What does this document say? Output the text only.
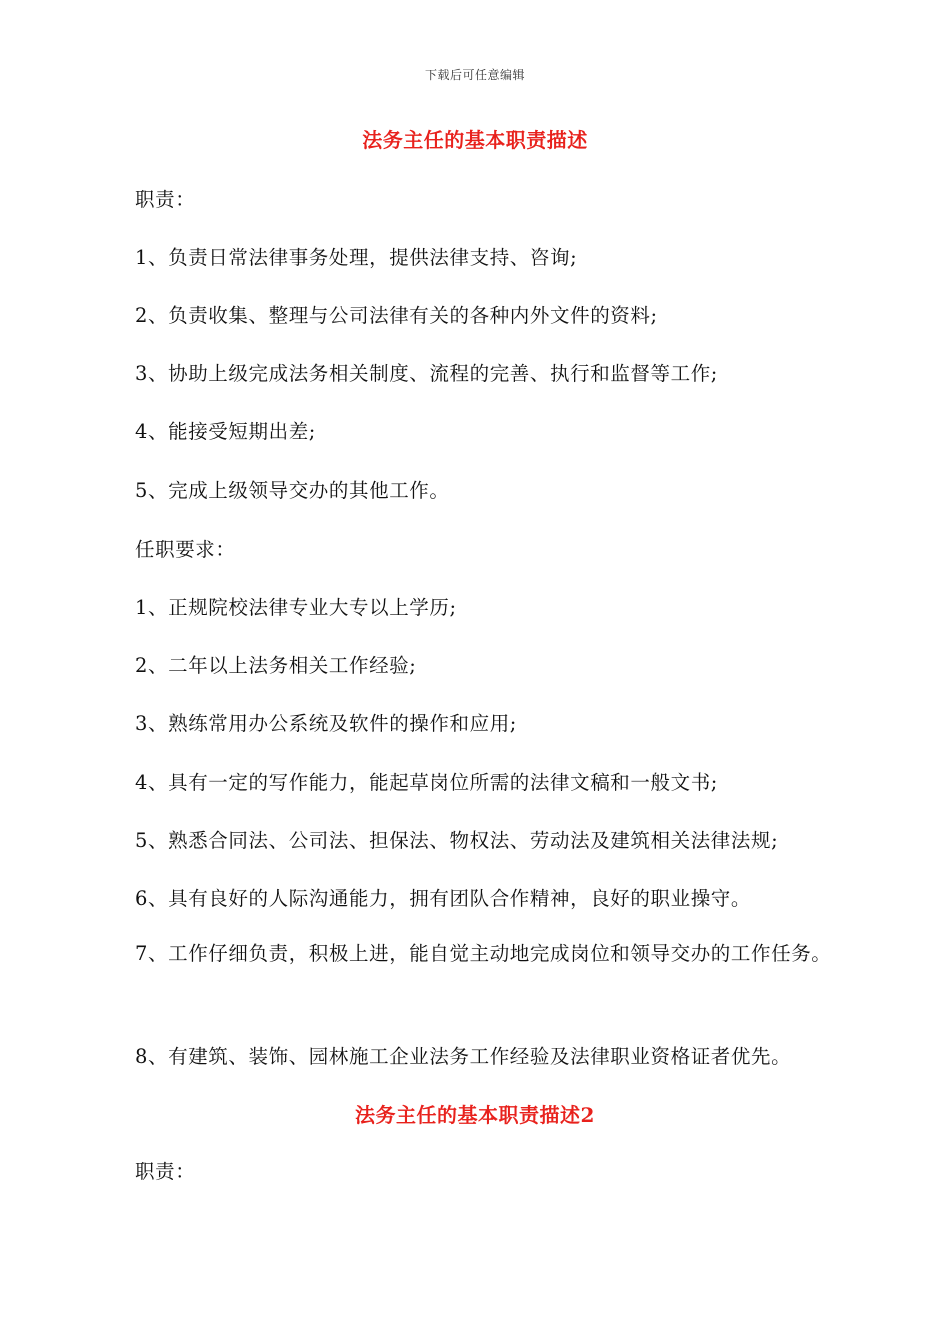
下载后可任意编辑
法务主任的基本职责描述
职责：
1、负责日常法律事务处理，提供法律支持、咨询;
2、负责收集、整理与公司法律有关的各种内外文件的资料;
3、协助上级完成法务相关制度、流程的完善、执行和监督等工作;
4、能接受短期出差;
5、完成上级领导交办的其他工作。
任职要求：
1、正规院校法律专业大专以上学历;
2、二年以上法务相关工作经验;
3、熟练常用办公系统及软件的操作和应用;
4、具有一定的写作能力，能起草岗位所需的法律文稿和一般文书;
5、熟悉合同法、公司法、担保法、物权法、劳动法及建筑相关法律法规;
6、具有良好的人际沟通能力，拥有团队合作精神，良好的职业操守。
7、工作仔细负责，积极上进，能自觉主动地完成岗位和领导交办的工作任务。
8、有建筑、装饰、园林施工企业法务工作经验及法律职业资格证者优先。
法务主任的基本职责描述2
职责：
